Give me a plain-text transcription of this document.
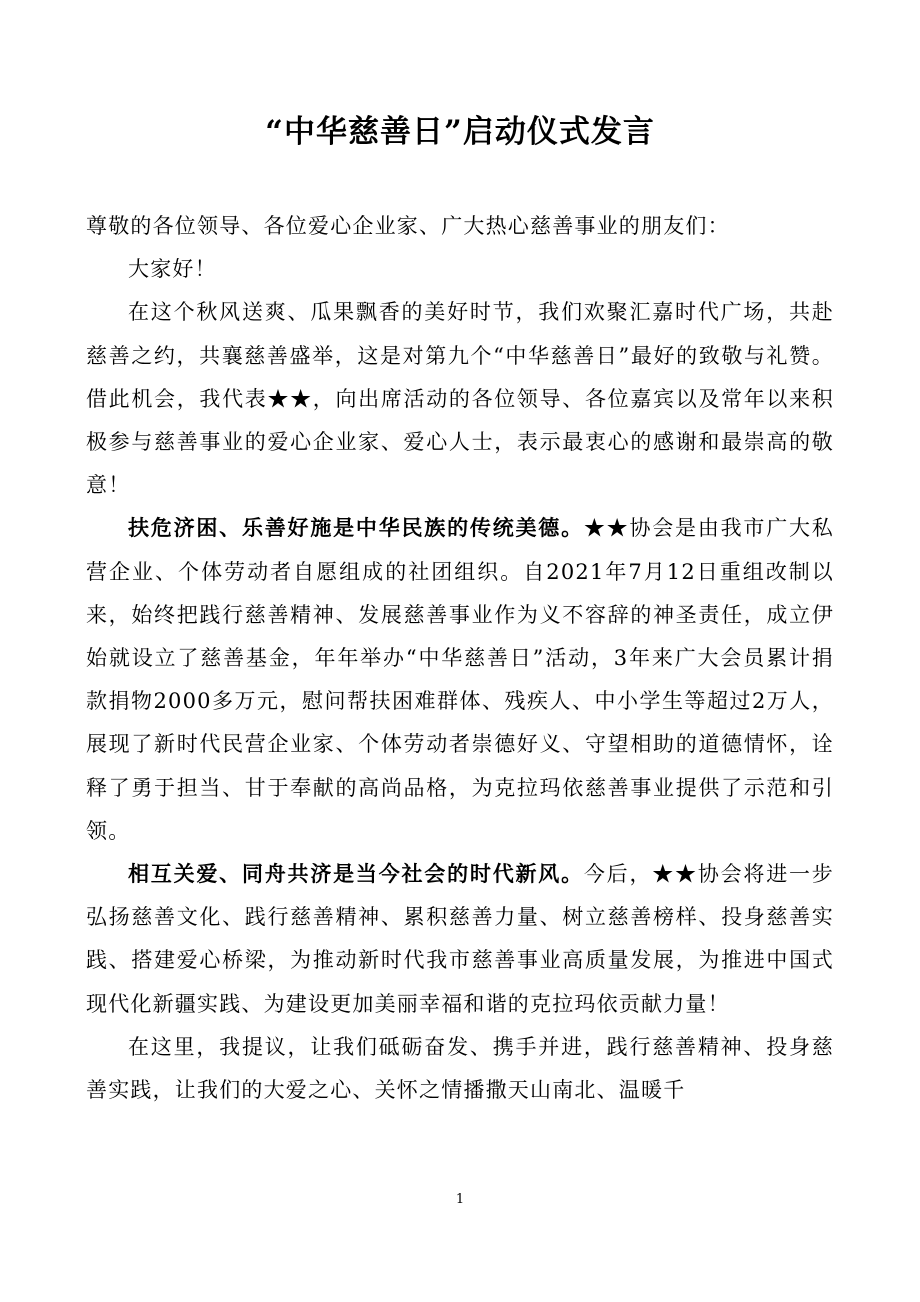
“中华慈善日”启动仪式发言

尊敬的各位领导、各位爱心企业家、广大热心慈善事业的朋友们：

大家好！

在这个秋风送爽、瓜果飘香的美好时节，我们欢聚汇嘉时代广场，共赴慈善之约，共襄慈善盛举，这是对第九个“中华慈善日”最好的致敬与礼赞。借此机会，我代表★★，向出席活动的各位领导、各位嘉宾以及常年以来积极参与慈善事业的爱心企业家、爱心人士，表示最衷心的感谢和最崇高的敬意！

扶危济困、乐善好施是中华民族的传统美德。★★协会是由我市广大私营企业、个体劳动者自愿组成的社团组织。自2021年7月12日重组改制以来，始终把践行慈善精神、发展慈善事业作为义不容辞的神圣责任，成立伊始就设立了慈善基金，年年举办“中华慈善日”活动，3年来广大会员累计捐款捐物2000多万元，慰问帮扶困难群体、残疾人、中小学生等超过2万人，展现了新时代民营企业家、个体劳动者崇德好义、守望相助的道德情怀，诠释了勇于担当、甘于奉献的高尚品格，为克拉玛依慈善事业提供了示范和引领。

相互关爱、同舟共济是当今社会的时代新风。今后，★★协会将进一步弘扬慈善文化、践行慈善精神、累积慈善力量、树立慈善榜样、投身慈善实践、搭建爱心桥梁，为推动新时代我市慈善事业高质量发展，为推进中国式现代化新疆实践、为建设更加美丽幸福和谐的克拉玛依贡献力量！

在这里，我提议，让我们砥砺奋发、携手并进，践行慈善精神、投身慈善实践，让我们的大爱之心、关怀之情播撒天山南北、温暖千

1
